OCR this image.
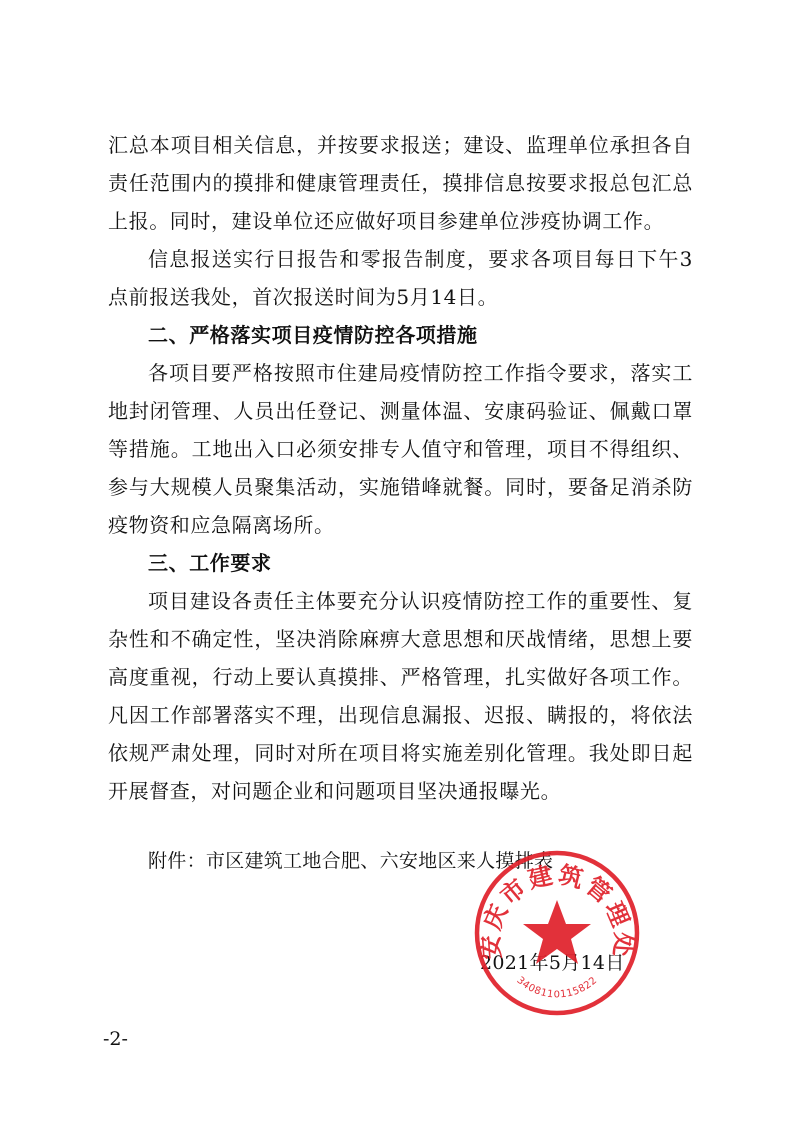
汇总本项目相关信息，并按要求报送；建设、监理单位承担各自责任范围内的摸排和健康管理责任，摸排信息按要求报总包汇总上报。同时，建设单位还应做好项目参建单位涉疫协调工作。

信息报送实行日报告和零报告制度，要求各项目每日下午3点前报送我处，首次报送时间为5月14日。

二、严格落实项目疫情防控各项措施

各项目要严格按照市住建局疫情防控工作指令要求，落实工地封闭管理、人员出任登记、测量体温、安康码验证、佩戴口罩等措施。工地出入口必须安排专人值守和管理，项目不得组织、参与大规模人员聚集活动，实施错峰就餐。同时，要备足消杀防疫物资和应急隔离场所。

三、工作要求

项目建设各责任主体要充分认识疫情防控工作的重要性、复杂性和不确定性，坚决消除麻痹大意思想和厌战情绪，思想上要高度重视，行动上要认真摸排、严格管理，扎实做好各项工作。凡因工作部署落实不理，出现信息漏报、迟报、瞒报的，将依法依规严肃处理，同时对所在项目将实施差别化管理。我处即日起开展督查，对问题企业和问题项目坚决通报曝光。

附件：市区建筑工地合肥、六安地区来人摸排表

2021年5月14日

安庆市建筑管理处
3408110115822

-2-
